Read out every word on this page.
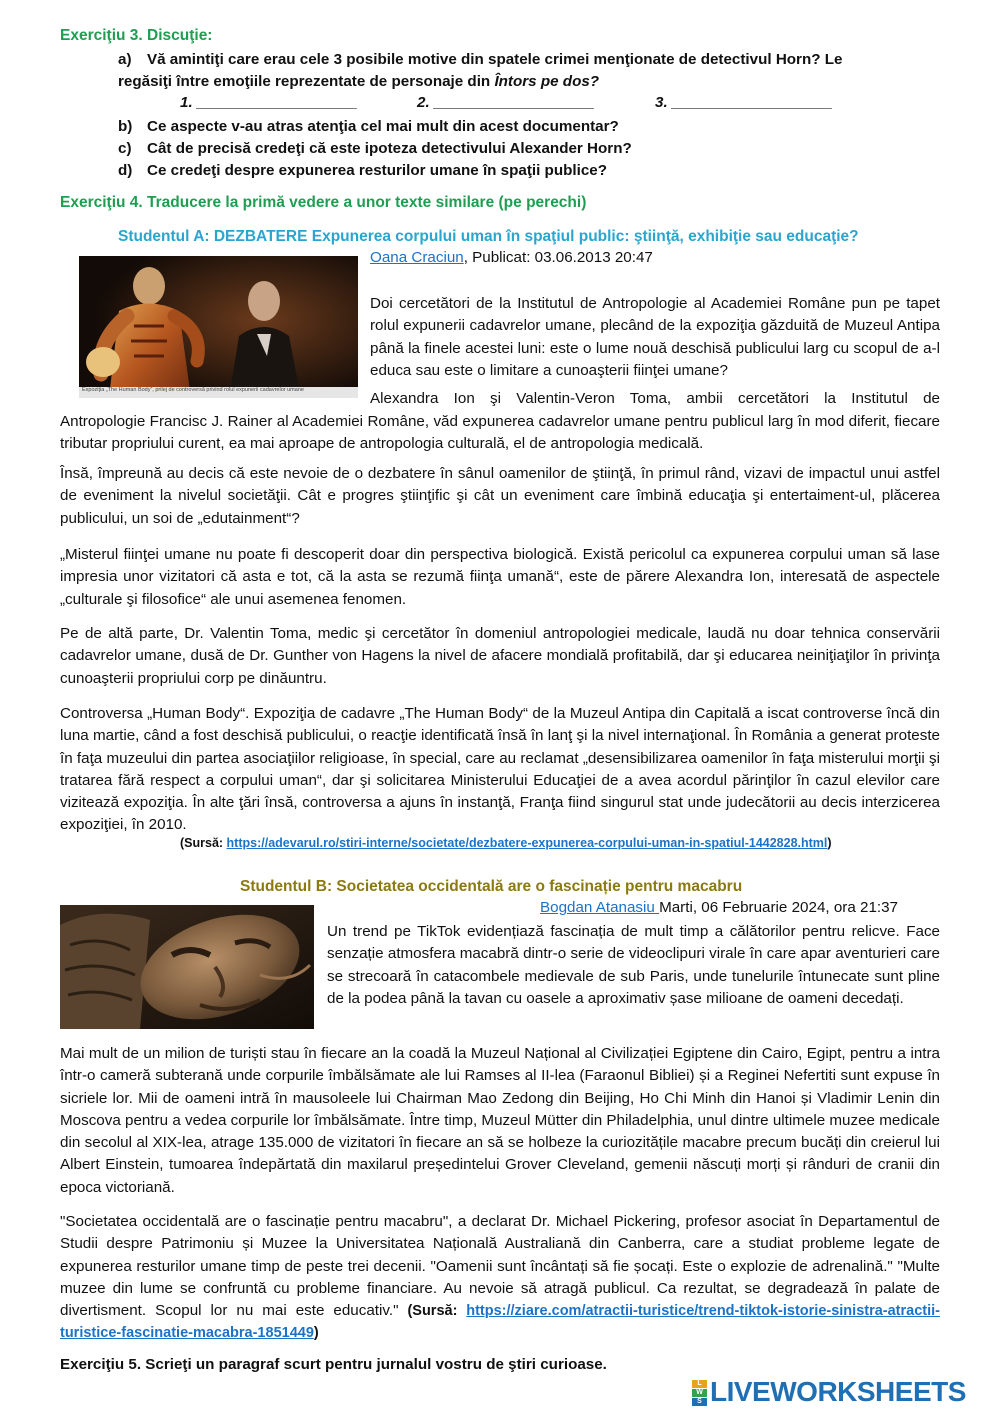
Exerciţiu 3. Discuţie:
a) Vă amintiţi care erau cele 3 posibile motive din spatele crimei menţionate de detectivul Horn? Le
regăsiţi între emoţiile reprezentate de personaje din Întors pe dos?
1. ___________________	2. ___________________	3. ___________________
b) Ce aspecte v-au atras atenţia cel mai mult din acest documentar?
c) Cât de precisă credeţi că este ipoteza detectivului Alexander Horn?
d) Ce credeţi despre expunerea resturilor umane în spaţii publice?
Exerciţiu 4. Traducere la primă vedere a unor texte similare (pe perechi)
Studentul A: DEZBATERE Expunerea corpului uman în spaţiul public: ştiinţă, exhibiţie sau educaţie?
Expoziţia „The Human Body”, prilej de controversă privind rolul expunerii cadavrelor umane
Oana Craciun, Publicat: 03.06.2013 20:47
Doi cercetători de la Institutul de Antropologie al Academiei Române pun pe tapet rolul expunerii cadavrelor umane, plecând de la expoziţia găzduită de Muzeul Antipa până la finele acestei luni: este o lume nouă deschisă publicului larg cu scopul de a-l educa sau este o limitare a cunoaşterii fiinţei umane?
Alexandra Ion şi Valentin-Veron Toma, ambii cercetători la Institutul de
Antropologie Francisc J. Rainer al Academiei Române, văd expunerea cadavrelor umane pentru publicul larg în mod diferit, fiecare tributar propriului curent, ea mai aproape de antropologia culturală, el de antropologia medicală.
Însă, împreună au decis că este nevoie de o dezbatere în sânul oamenilor de ştiinţă, în primul rând, vizavi de impactul unui astfel de eveniment la nivelul societăţii. Cât e progres ştiinţific şi cât un eveniment care îmbină educaţia şi entertaiment-ul, plăcerea publicului, un soi de „edutainment“?
„Misterul fiinţei umane nu poate fi descoperit doar din perspectiva biologică. Există pericolul ca expunerea corpului uman să lase impresia unor vizitatori că asta e tot, că la asta se rezumă fiinţa umană“, este de părere Alexandra Ion, interesată de aspectele „culturale şi filosofice“ ale unui asemenea fenomen.
Pe de altă parte, Dr. Valentin Toma, medic şi cercetător în domeniul antropologiei medicale, laudă nu doar tehnica conservării cadavrelor umane, dusă de Dr. Gunther von Hagens la nivel de afacere mondială profitabilă, dar şi educarea neiniţiaţilor în privinţa cunoaşterii propriului corp pe dinăuntru.
Controversa „Human Body“. Expoziţia de cadavre „The Human Body“ de la Muzeul Antipa din Capitală a iscat controverse încă din luna martie, când a fost deschisă publicului, o reacţie identificată însă în lanţ şi la nivel internaţional. În România a generat proteste în faţa muzeului din partea asociaţiilor religioase, în special, care au reclamat „desensibilizarea oamenilor în faţa misterului morţii şi tratarea fără respect a corpului uman“, dar şi solicitarea Ministerului Educaţiei de a avea acordul părinţilor în cazul elevilor care vizitează expoziţia. În alte ţări însă, controversa a ajuns în instanţă, Franţa fiind singurul stat unde judecătorii au decis interzicerea expoziţiei, în 2010.
(Sursă: https://adevarul.ro/stiri-interne/societate/dezbatere-expunerea-corpului-uman-in-spatiul-1442828.html)
Studentul B: Societatea occidentală are o fascinație pentru macabru
Bogdan Atanasiu Marti, 06 Februarie 2024, ora 21:37
Un trend pe TikTok evidențiază fascinația de mult timp a călătorilor pentru relicve. Face senzație atmosfera macabră dintr-o serie de videoclipuri virale în care apar aventurieri care se strecoară în catacombele medievale de sub Paris, unde tunelurile întunecate sunt pline de la podea până la tavan cu oasele a aproximativ șase milioane de oameni decedați.
Mai mult de un milion de turiști stau în fiecare an la coadă la Muzeul Național al Civilizației Egiptene din Cairo, Egipt, pentru a intra într-o cameră subterană unde corpurile îmbălsămate ale lui Ramses al II-lea (Faraonul Bibliei) și a Reginei Nefertiti sunt expuse în sicriele lor. Mii de oameni intră în mausoleele lui Chairman Mao Zedong din Beijing, Ho Chi Minh din Hanoi și Vladimir Lenin din Moscova pentru a vedea corpurile lor îmbălsămate. Între timp, Muzeul Mütter din Philadelphia, unul dintre ultimele muzee medicale din secolul al XIX-lea, atrage 135.000 de vizitatori în fiecare an să se holbeze la curiozitățile macabre precum bucăți din creierul lui Albert Einstein, tumoarea îndepărtată din maxilarul președintelui Grover Cleveland, gemenii născuți morți și rânduri de cranii din epoca victoriană.
"Societatea occidentală are o fascinație pentru macabru", a declarat Dr. Michael Pickering, profesor asociat în Departamentul de Studii despre Patrimoniu și Muzee la Universitatea Națională Australiană din Canberra, care a studiat probleme legate de expunerea resturilor umane timp de peste trei decenii. "Oamenii sunt încântați să fie șocați. Este o explozie de adrenalină." "Multe muzee din lume se confruntă cu probleme financiare. Au nevoie să atragă publicul. Ca rezultat, se degradează în palate de divertisment. Scopul lor nu mai este educativ." (Sursă: https://ziare.com/atractii-turistice/trend-tiktok-istorie-sinistra-atractii-turistice-fascinatie-macabra-1851449)
Exerciţiu 5. Scrieţi un paragraf scurt pentru jurnalul vostru de ştiri curioase.
L
W
S LIVEWORKSHEETS
